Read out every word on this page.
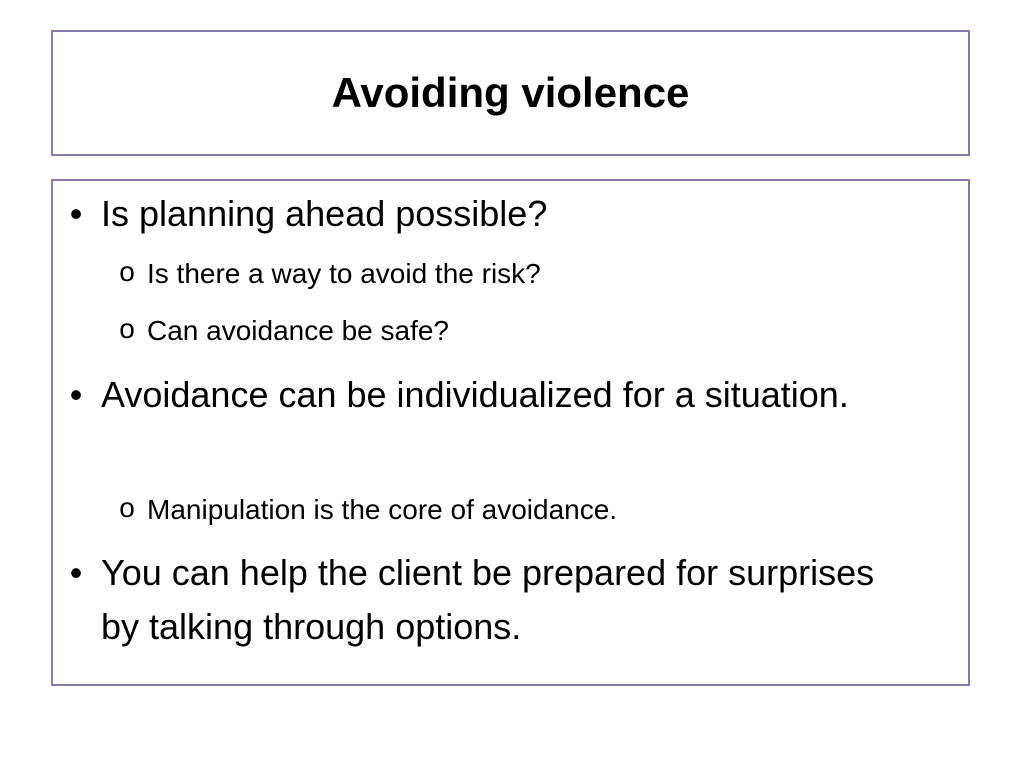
Avoiding violence
• Is planning ahead possible?
o Is there a way to avoid the risk?
o Can avoidance be safe?
• Avoidance can be individualized for a situation.
o Manipulation is the core of avoidance.
• You can help the client be prepared for surprises by talking through options.
